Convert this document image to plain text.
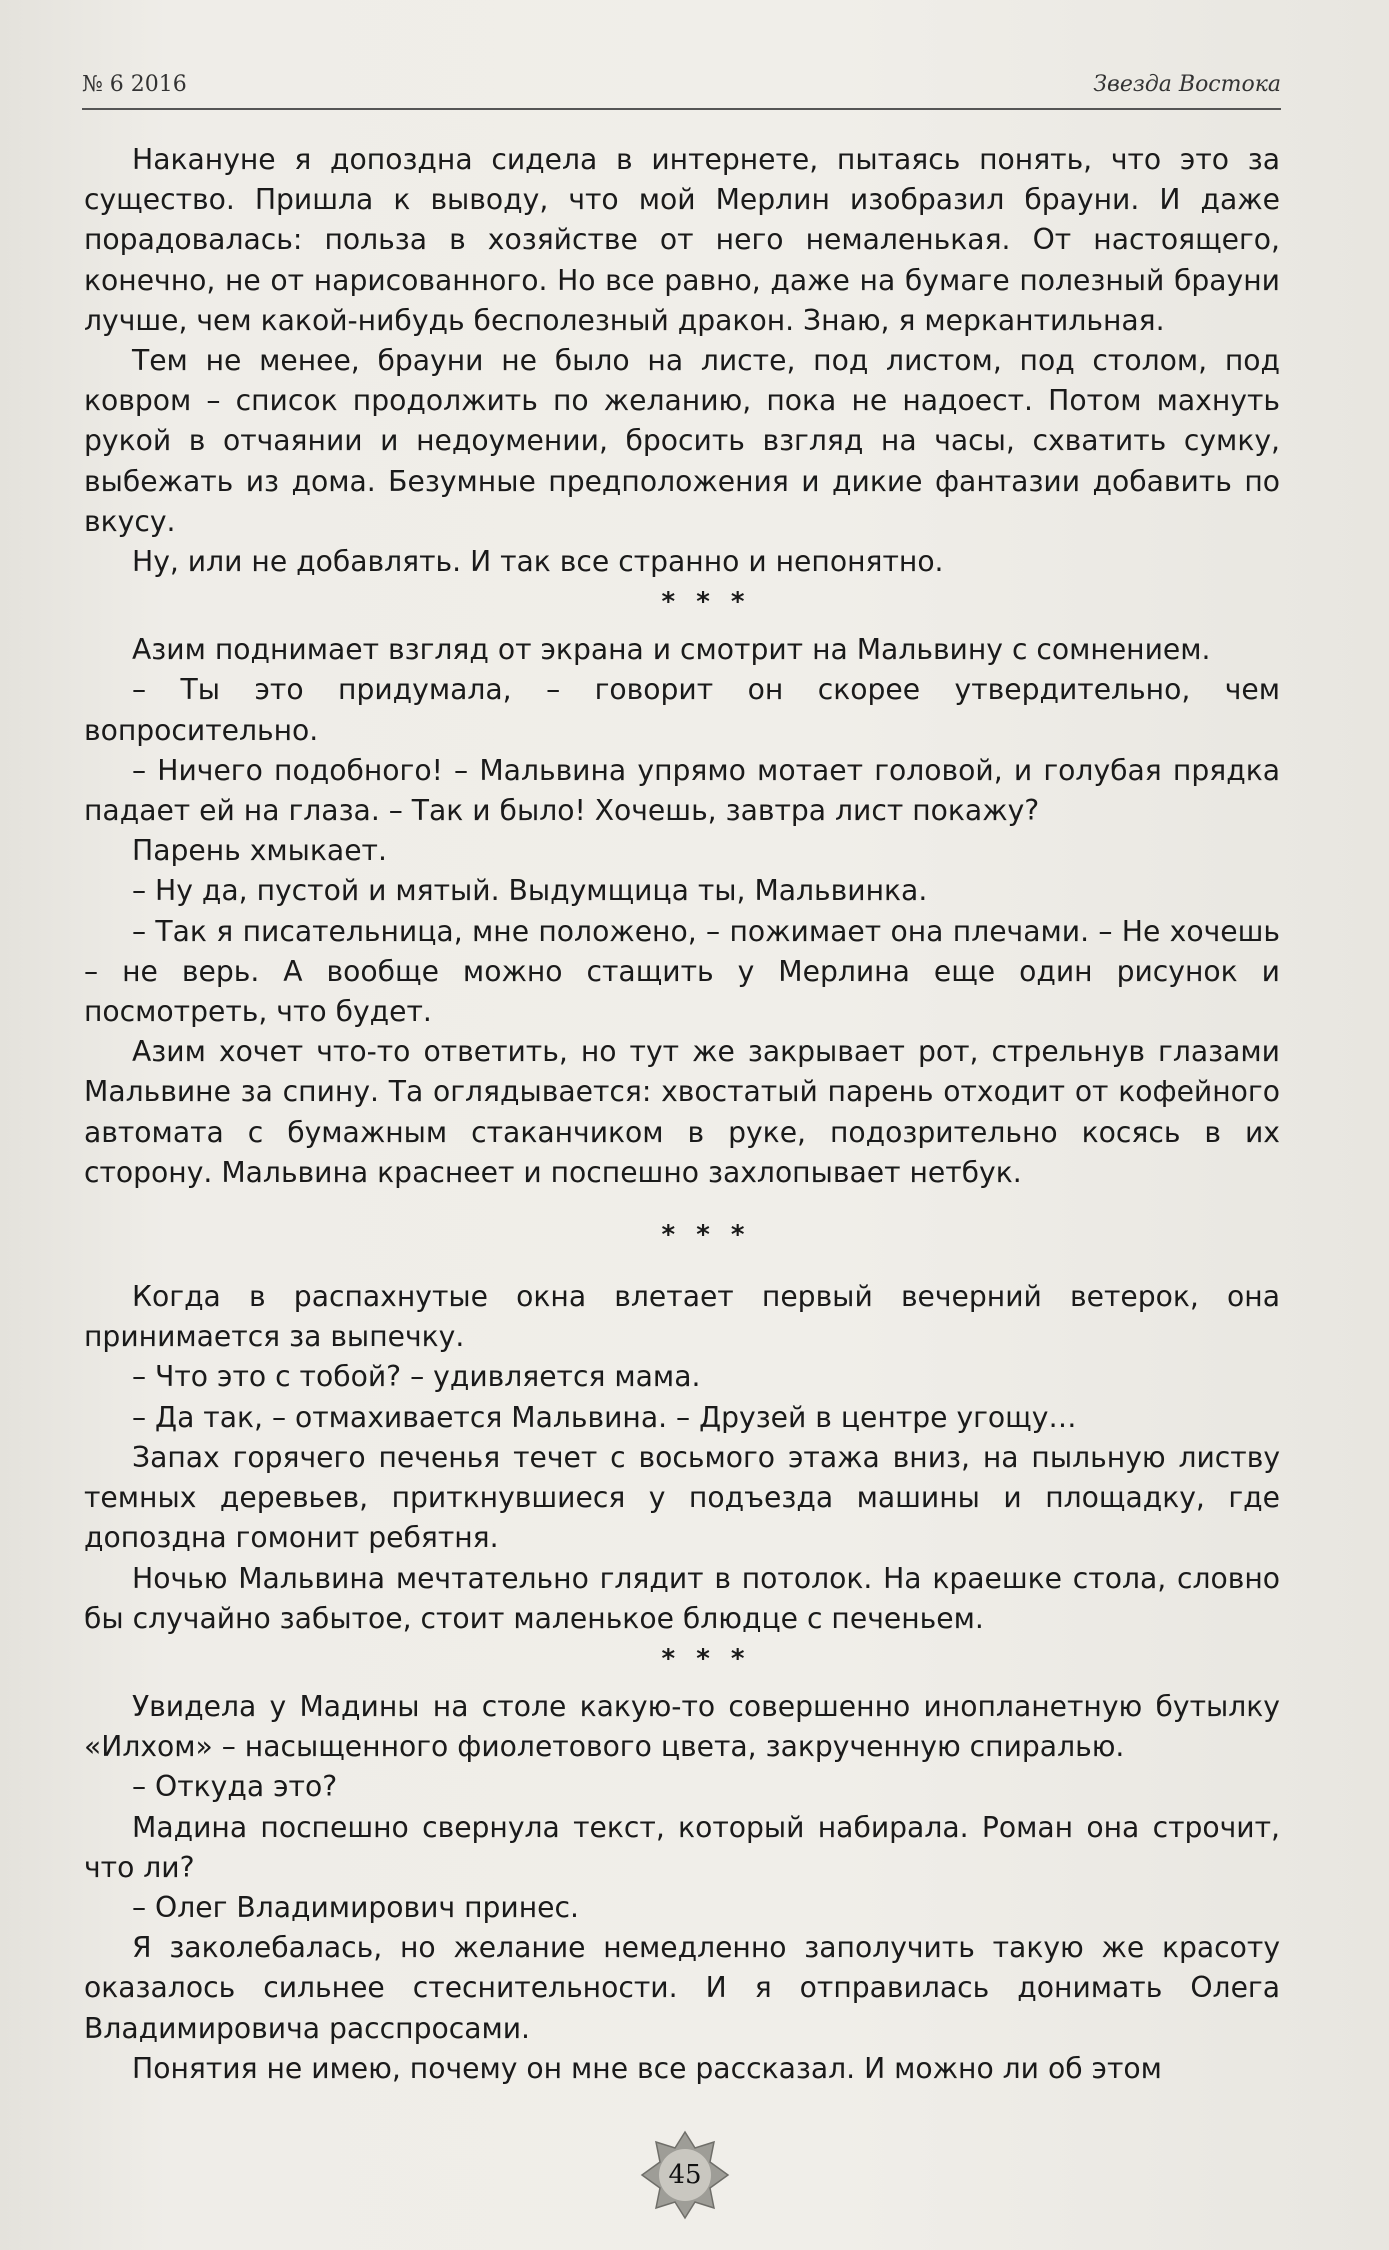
№ 6 2016	Звезда Востока

Накануне я допоздна сидела в интернете, пытаясь понять, что это за существо. Пришла к выводу, что мой Мерлин изобразил брауни. И даже порадовалась: польза в хозяйстве от него немаленькая. От настоящего, конечно, не от нарисованного. Но все равно, даже на бумаге полезный брауни лучше, чем какой-нибудь бесполезный дракон. Знаю, я меркантильная.

Тем не менее, брауни не было на листе, под листом, под столом, под ковром – список продолжить по желанию, пока не надоест. Потом махнуть рукой в отчаянии и недоумении, бросить взгляд на часы, схватить сумку, выбежать из дома. Безумные предположения и дикие фантазии добавить по вкусу.

Ну, или не добавлять. И так все странно и непонятно.

* * *

Азим поднимает взгляд от экрана и смотрит на Мальвину с сомнением.

– Ты это придумала, – говорит он скорее утвердительно, чем вопросительно.

– Ничего подобного! – Мальвина упрямо мотает головой, и голубая прядка падает ей на глаза. – Так и было! Хочешь, завтра лист покажу?

Парень хмыкает.

– Ну да, пустой и мятый. Выдумщица ты, Мальвинка.

– Так я писательница, мне положено, – пожимает она плечами. – Не хочешь – не верь. А вообще можно стащить у Мерлина еще один рисунок и посмотреть, что будет.

Азим хочет что-то ответить, но тут же закрывает рот, стрельнув глазами Мальвине за спину. Та оглядывается: хвостатый парень отходит от кофейного автомата с бумажным стаканчиком в руке, подозрительно косясь в их сторону. Мальвина краснеет и поспешно захлопывает нетбук.

* * *

Когда в распахнутые окна влетает первый вечерний ветерок, она принимается за выпечку.

– Что это с тобой? – удивляется мама.

– Да так, – отмахивается Мальвина. – Друзей в центре угощу…

Запах горячего печенья течет с восьмого этажа вниз, на пыльную листву темных деревьев, приткнувшиеся у подъезда машины и площадку, где допоздна гомонит ребятня.

Ночью Мальвина мечтательно глядит в потолок. На краешке стола, словно бы случайно забытое, стоит маленькое блюдце с печеньем.

* * *

Увидела у Мадины на столе какую-то совершенно инопланетную бутылку «Илхом» – насыщенного фиолетового цвета, закрученную спиралью.

– Откуда это?

Мадина поспешно свернула текст, который набирала. Роман она строчит, что ли?

– Олег Владимирович принес.

Я заколебалась, но желание немедленно заполучить такую же красоту оказалось сильнее стеснительности. И я отправилась донимать Олега Владимировича расспросами.

Понятия не имею, почему он мне все рассказал. И можно ли об этом

45
